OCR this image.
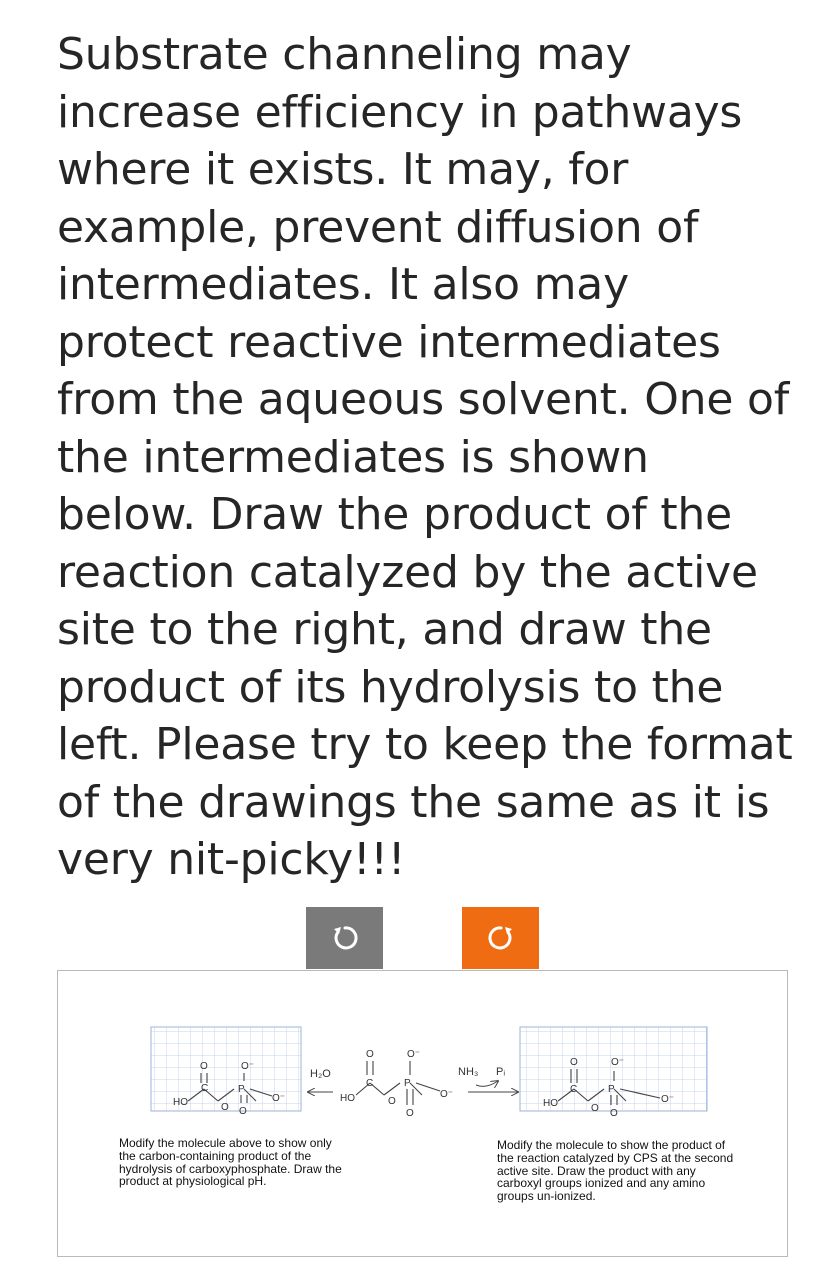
Substrate channeling may increase efficiency in pathways where it exists. It may, for example, prevent diffusion of intermediates. It also may protect reactive intermediates from the aqueous solvent. One of the intermediates is shown below. Draw the product of the reaction catalyzed by the active site to the right, and draw the product of its hydrolysis to the left. Please try to keep the format of the drawings the same as it is very nit-picky!!!

HO
C
O
O
P
O⁻
O
O⁻
H₂O
HO
C
O
O
P
O⁻
O
O⁻
NH₃ Pᵢ
HO
C
O
O
P
O⁻
O
O⁻

Modify the molecule above to show only the carbon-containing product of the hydrolysis of carboxyphosphate. Draw the product at physiological pH.

Modify the molecule to show the product of the reaction catalyzed by CPS at the second active site. Draw the product with any carboxyl groups ionized and any amino groups un-ionized.
